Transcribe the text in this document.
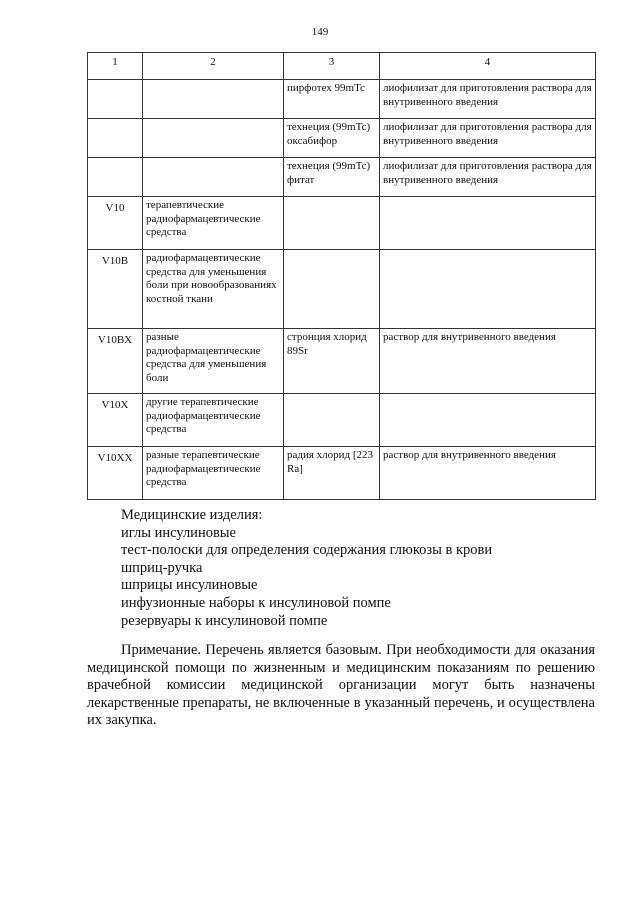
149
1	2	3	4
		пирфотех 99mTc	лиофилизат для приготовления раствора для внутривенного введения
		технеция (99mTc) оксабифор	лиофилизат для приготовления раствора для внутривенного введения
		технеция (99mTc) фитат	лиофилизат для приготовления раствора для внутривенного введения
V10	терапевтические радиофармацевтические средства		
V10B	радиофармацевтические средства для уменьшения боли при новообразованиях костной ткани		
V10BX	разные радиофармацевтические средства для уменьшения боли	стронция хлорид 89Sr	раствор для внутривенного введения
V10X	другие терапевтические радиофармацевтические средства		
V10XX	разные терапевтические радиофармацевтические средства	радия хлорид [223 Ra]	раствор для внутривенного введения
Медицинские изделия:
иглы инсулиновые
тест-полоски для определения содержания глюкозы в крови
шприц-ручка
шприцы инсулиновые
инфузионные наборы к инсулиновой помпе
резервуары к инсулиновой помпе

Примечание. Перечень является базовым. При необходимости для оказания медицинской помощи по жизненным и медицинским показаниям по решению врачебной комиссии медицинской организации могут быть назначены лекарственные препараты, не включенные в указанный перечень, и осуществлена их закупка.
